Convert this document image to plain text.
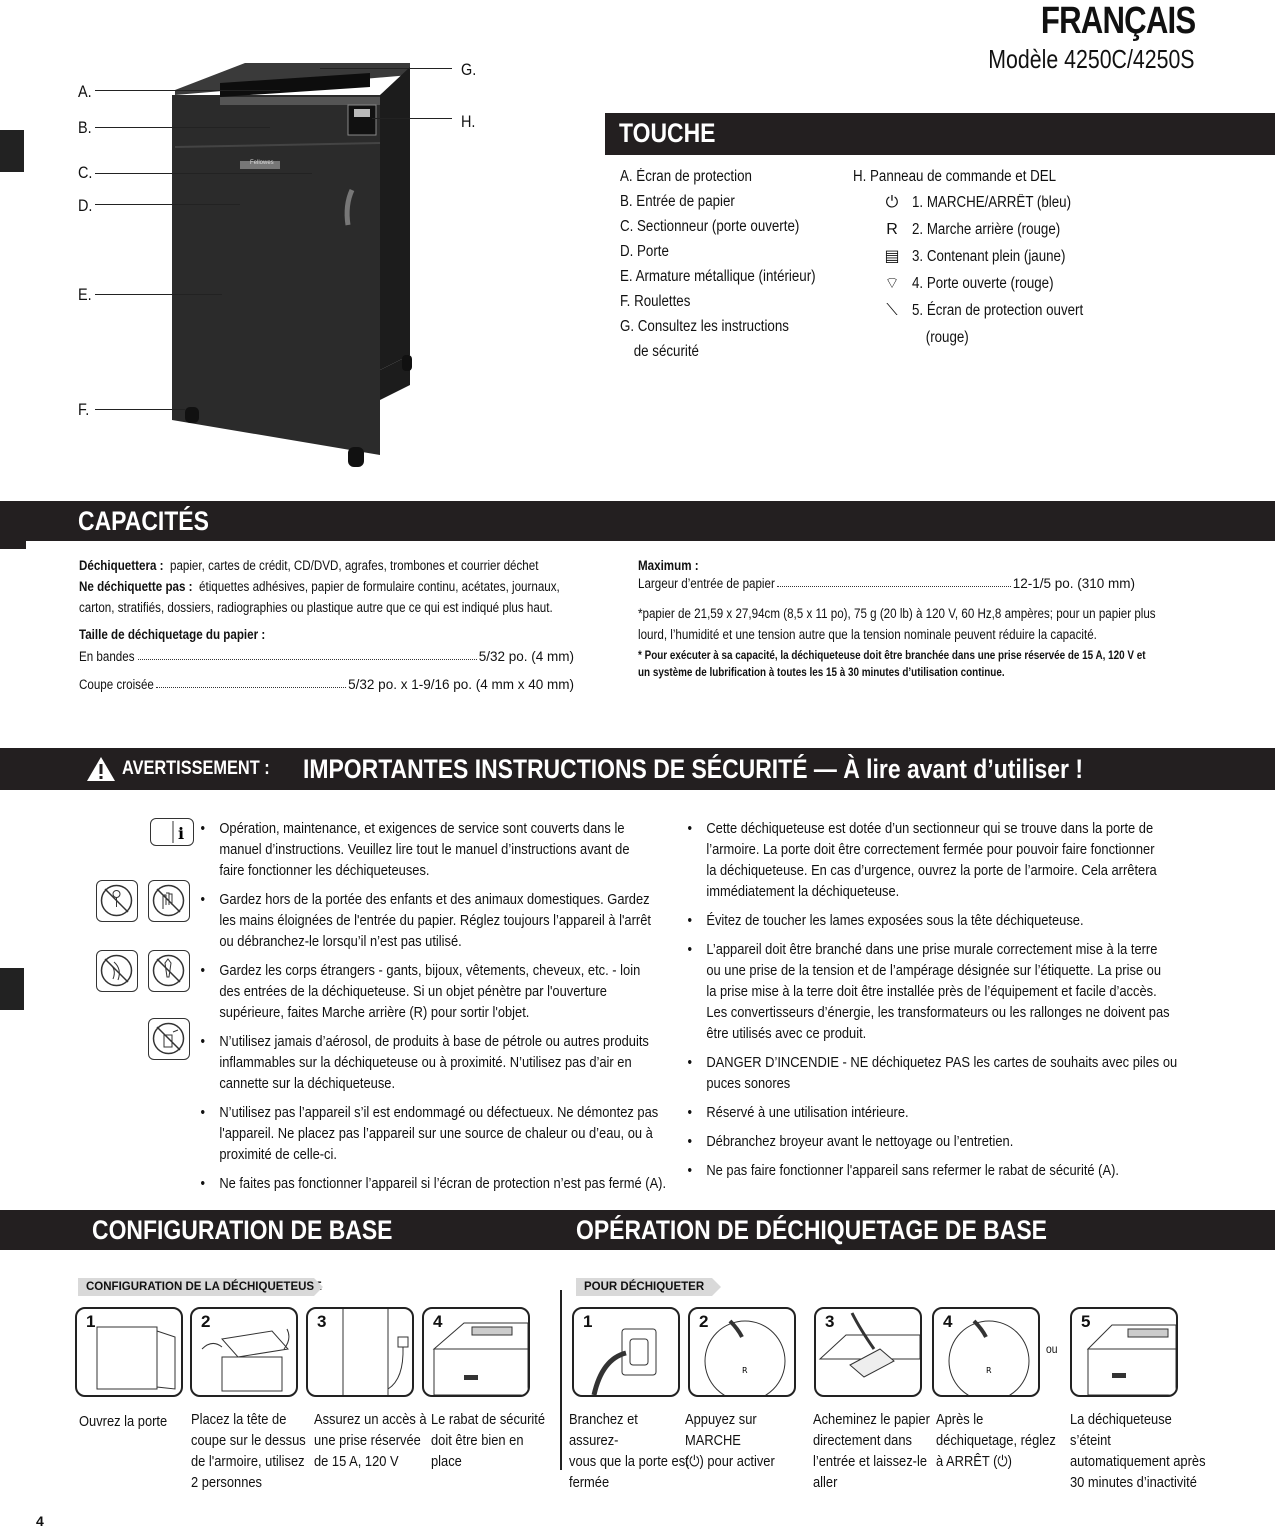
FRANÇAIS
Modèle 4250C/4250S
A.
B.
C.
D.
E.
F.
G.
H.
Fellowes
TOUCHE
A. Écran de protection
B. Entrée de papier
C. Sectionneur (porte ouverte)
D. Porte
E. Armature métallique (intérieur)
F. Roulettes
G. Consultez les instructions
de sécurité
H. Panneau de commande et DEL
⏻
R
▤
⌔
⟍
1. MARCHE/ARRÊT (bleu)
2. Marche arrière (rouge)
3. Contenant plein (jaune)
4. Porte ouverte (rouge)
5. Écran de protection ouvert
(rouge)
CAPACITÉS
Déchiquettera : papier, cartes de crédit, CD/DVD, agrafes, trombones et courrier déchet
Ne déchiquette pas : étiquettes adhésives, papier de formulaire continu, acétates, journaux,
carton, stratifiés, dossiers, radiographies ou plastique autre que ce qui est indiqué plus haut.
Taille de déchiquetage du papier :
En bandes	5/32 po. (4 mm)
Coupe croisée	5/32 po. x 1-9/16 po. (4 mm x 40 mm)
Maximum :
Largeur d’entrée de papier	12-1/5 po. (310 mm)
*papier de 21,59 x 27,94cm (8,5 x 11 po), 75 g (20 lb) à 120 V, 60 Hz,8 ampères; pour un papier plus
lourd, l’humidité et une tension autre que la tension nominale peuvent réduire la capacité.
* Pour exécuter à sa capacité, la déchiqueteuse doit être branchée dans une prise réservée de 15 A, 120 V et
un système de lubrification à toutes les 15 à 30 minutes d’utilisation continue.
AVERTISSEMENT : IMPORTANTES INSTRUCTIONS DE SÉCURITÉ — À lire avant d’utiliser !
i
• Opération, maintenance, et exigences de service sont couverts dans le
manuel d’instructions. Veuillez lire tout le manuel d’instructions avant de
faire fonctionner les déchiqueteuses.
• Gardez hors de la portée des enfants et des animaux domestiques. Gardez
les mains éloignées de l'entrée du papier. Réglez toujours l’appareil à l'arrêt
ou débranchez-le lorsqu’il n’est pas utilisé.
• Gardez les corps étrangers - gants, bijoux, vêtements, cheveux, etc. - loin
des entrées de la déchiqueteuse. Si un objet pénètre par l'ouverture
supérieure, faites Marche arrière (R) pour sortir l'objet.
• N’utilisez jamais d’aérosol, de produits à base de pétrole ou autres produits
inflammables sur la déchiqueteuse ou à proximité. N’utilisez pas d’air en
cannette sur la déchiqueteuse.
• N’utilisez pas l’appareil s’il est endommagé ou défectueux. Ne démontez pas
l'appareil. Ne placez pas l’appareil sur une source de chaleur ou d’eau, ou à
proximité de celle-ci.
• Ne faites pas fonctionner l’appareil si l’écran de protection n’est pas fermé (A).
• Cette déchiqueteuse est dotée d’un sectionneur qui se trouve dans la porte de
l’armoire. La porte doit être correctement fermée pour pouvoir faire fonctionner
la déchiqueteuse. En cas d’urgence, ouvrez la porte de l’armoire. Cela arrêtera
immédiatement la déchiqueteuse.
• Évitez de toucher les lames exposées sous la tête déchiqueteuse.
• L’appareil doit être branché dans une prise murale correctement mise à la terre
ou une prise de la tension et de l’ampérage désignée sur l’étiquette. La prise ou
la prise mise à la terre doit être installée près de l’équipement et facile d’accès.
Les convertisseurs d’énergie, les transformateurs ou les rallonges ne doivent pas
être utilisés avec ce produit.
• DANGER D’INCENDIE - NE déchiquetez PAS les cartes de souhaits avec piles ou
puces sonores
• Réservé à une utilisation intérieure.
• Débranchez broyeur avant le nettoyage ou l’entretien.
• Ne pas faire fonctionner l'appareil sans refermer le rabat de sécurité (A).
CONFIGURATION DE BASE	OPÉRATION DE DÉCHIQUETAGE DE BASE
CONFIGURATION DE LA DÉCHIQUETEUSE	POUR DÉCHIQUETER
1	2	3	4	1	2
R
3	4
R
ou
5
Ouvrez la porte	Placez la tête de
coupe sur le dessus
de l'armoire, utilisez
2 personnes
Assurez un accès à
une prise réservée
de 15 A, 120 V
Le rabat de sécurité
doit être bien en
place
Branchez et assurez-
vous que la porte est
fermée
Appuyez sur MARCHE
(⏻) pour activer
Acheminez le papier
directement dans
l’entrée et laissez-le
aller
Après le
déchiquetage, réglez
à ARRÊT (⏻)
La déchiqueteuse s’éteint
automatiquement après
30 minutes d’inactivité
4
